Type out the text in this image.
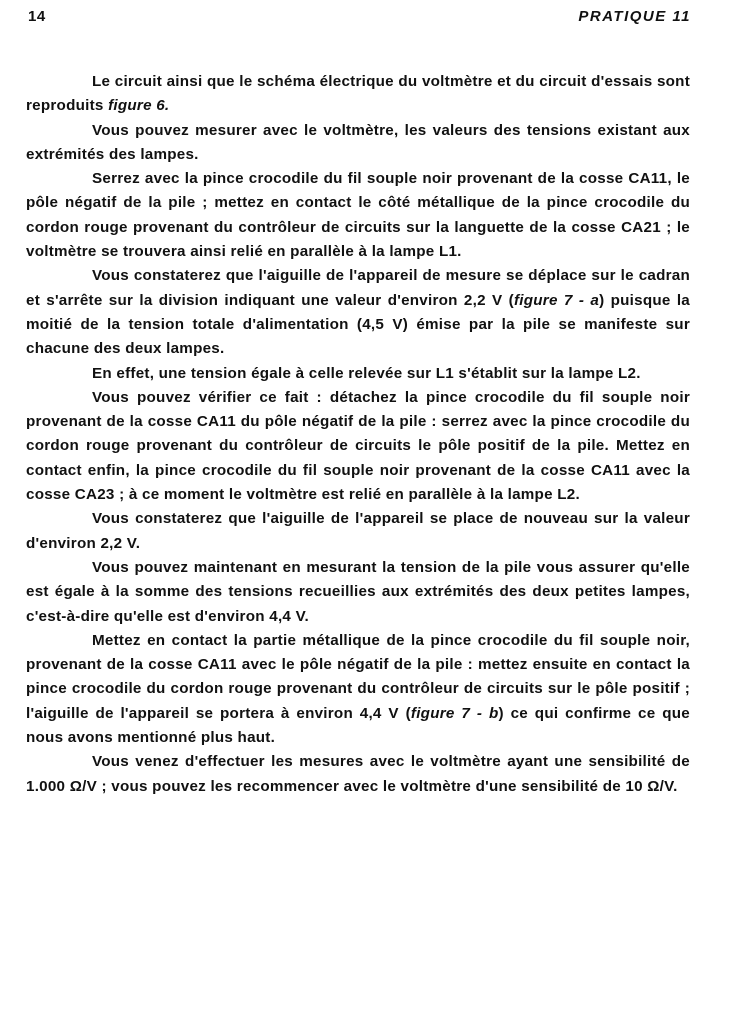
14	PRATIQUE 11

Le circuit ainsi que le schéma électrique du voltmètre et du circuit d'essais sont reproduits figure 6.

Vous pouvez mesurer avec le voltmètre, les valeurs des tensions existant aux extrémités des lampes.

Serrez avec la pince crocodile du fil souple noir provenant de la cosse CA11, le pôle négatif de la pile ; mettez en contact le côté métallique de la pince crocodile du cordon rouge provenant du contrôleur de circuits sur la languette de la cosse CA21 ; le voltmètre se trouvera ainsi relié en parallèle à la lampe L1.

Vous constaterez que l'aiguille de l'appareil de mesure se déplace sur le cadran et s'arrête sur la division indiquant une valeur d'environ 2,2 V (figure 7 - a) puisque la moitié de la tension totale d'alimentation (4,5 V) émise par la pile se manifeste sur chacune des deux lampes.

En effet, une tension égale à celle relevée sur L1 s'établit sur la lampe L2.

Vous pouvez vérifier ce fait : détachez la pince crocodile du fil souple noir provenant de la cosse CA11 du pôle négatif de la pile : serrez avec la pince crocodile du cordon rouge provenant du contrôleur de circuits le pôle positif de la pile. Mettez en contact enfin, la pince crocodile du fil souple noir provenant de la cosse CA11 avec la cosse CA23 ; à ce moment le voltmètre est relié en parallèle à la lampe L2.

Vous constaterez que l'aiguille de l'appareil se place de nouveau sur la valeur d'environ 2,2 V.

Vous pouvez maintenant en mesurant la tension de la pile vous assurer qu'elle est égale à la somme des tensions recueillies aux extrémités des deux petites lampes, c'est-à-dire qu'elle est d'environ 4,4 V.

Mettez en contact la partie métallique de la pince crocodile du fil souple noir, provenant de la cosse CA11 avec le pôle négatif de la pile : mettez ensuite en contact la pince crocodile du cordon rouge provenant du contrôleur de circuits sur le pôle positif ; l'aiguille de l'appareil se portera à environ 4,4 V (figure 7 - b) ce qui confirme ce que nous avons mentionné plus haut.

Vous venez d'effectuer les mesures avec le voltmètre ayant une sensibilité de 1.000 Ω/V ; vous pouvez les recommencer avec le voltmètre d'une sensibilité de 10 Ω/V.
